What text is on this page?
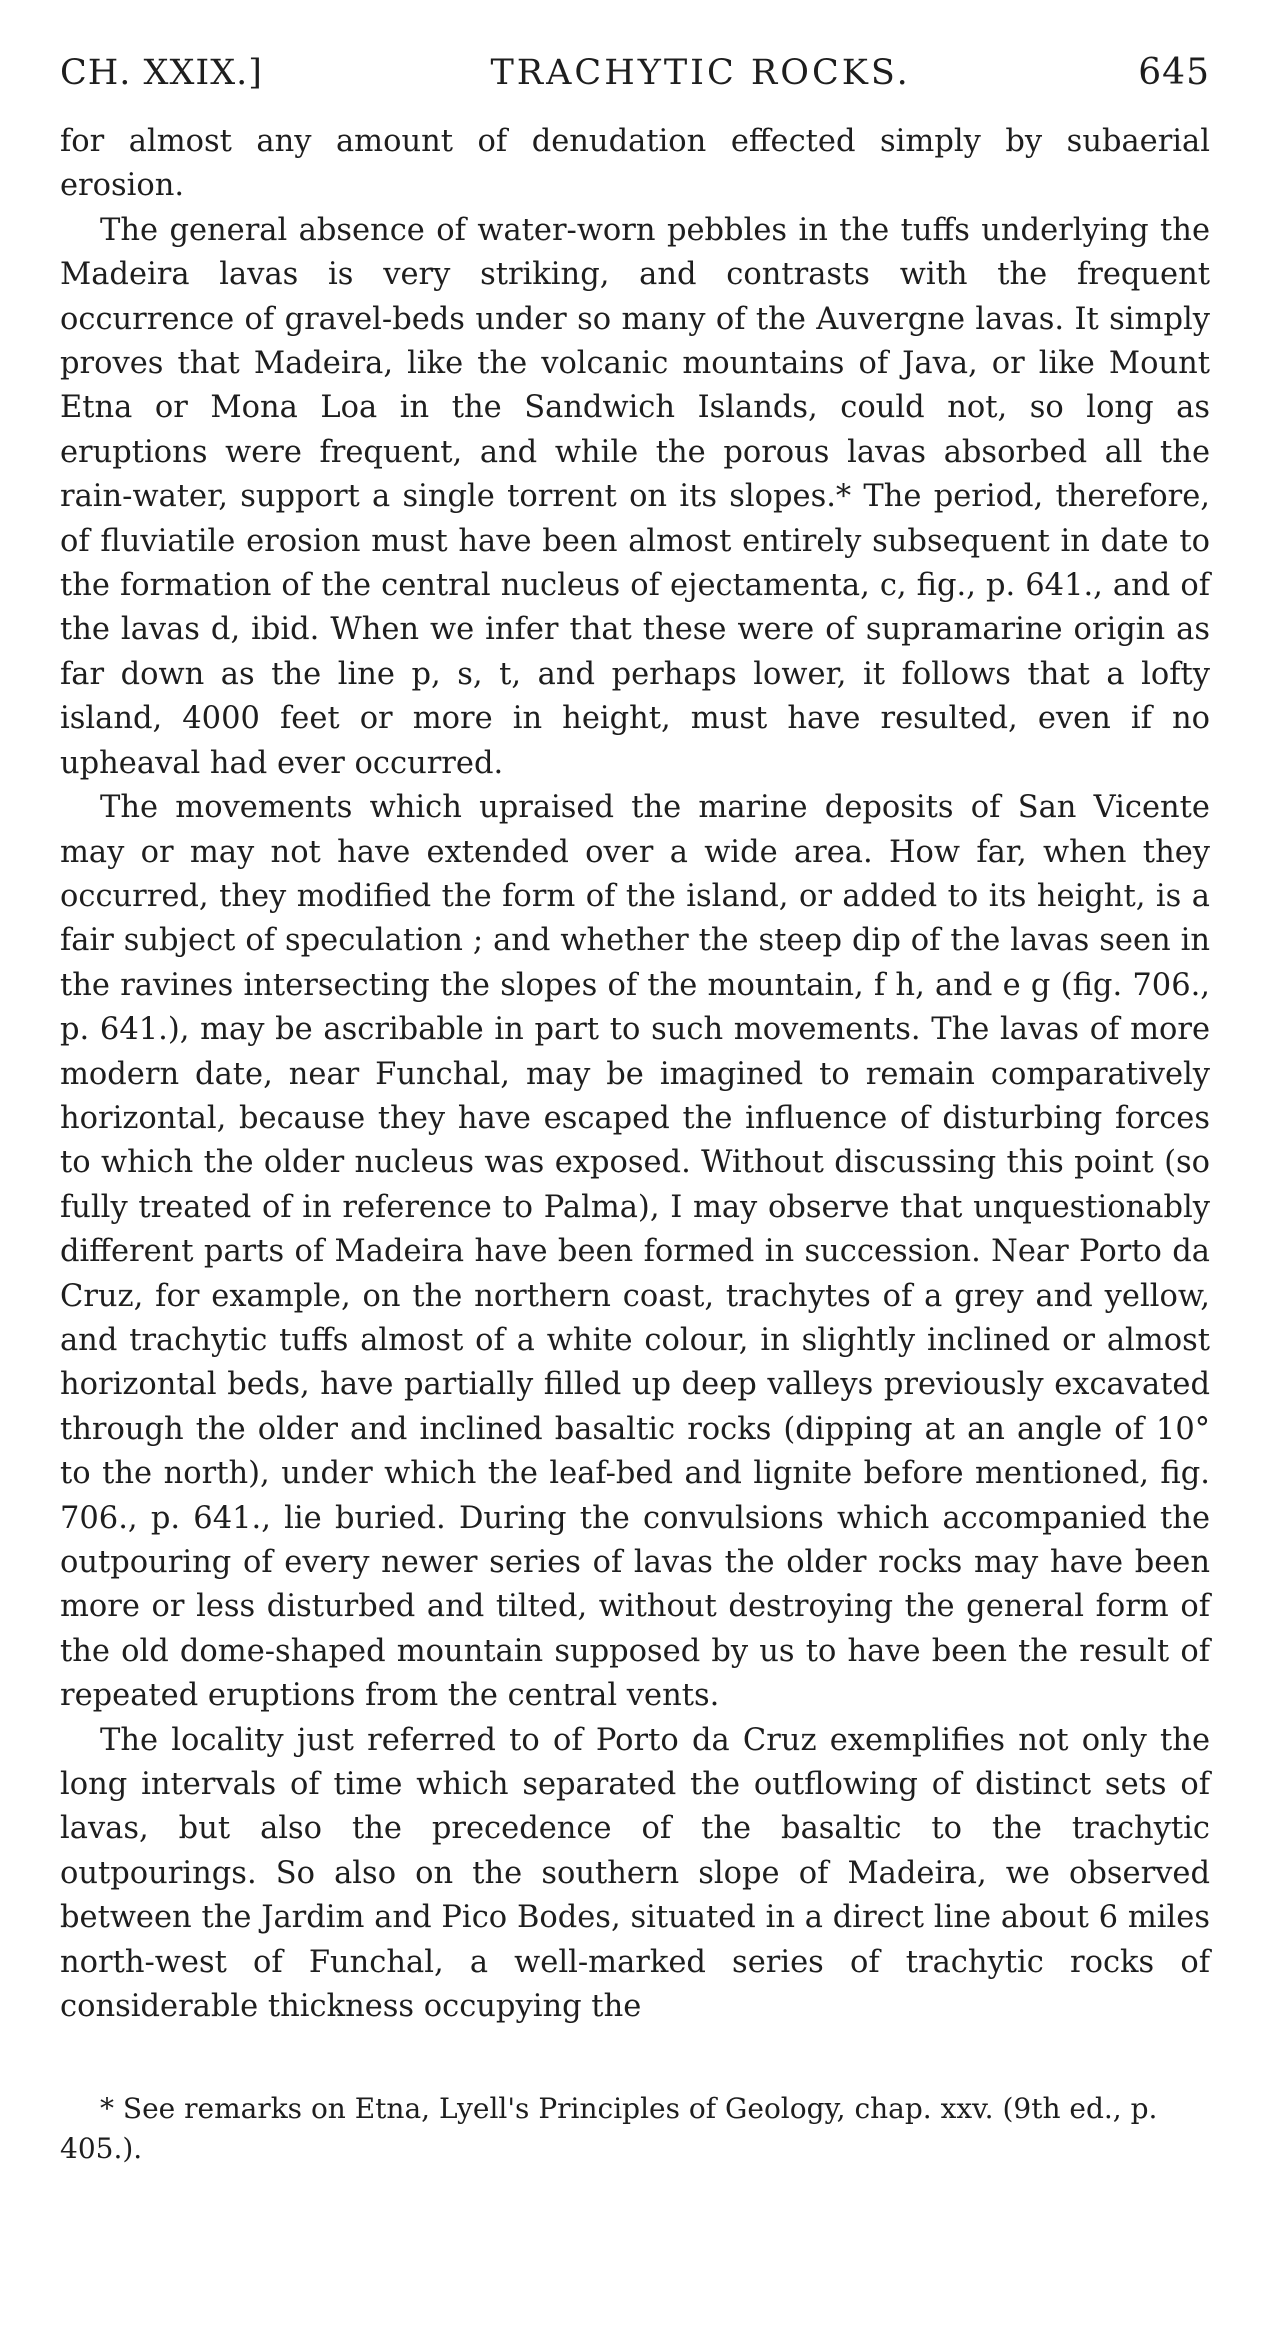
CH. XXIX.]	TRACHYTIC ROCKS.	645

for almost any amount of denudation effected simply by subaerial erosion.

The general absence of water-worn pebbles in the tuffs underlying the Madeira lavas is very striking, and contrasts with the frequent occurrence of gravel-beds under so many of the Auvergne lavas. It simply proves that Madeira, like the volcanic mountains of Java, or like Mount Etna or Mona Loa in the Sandwich Islands, could not, so long as eruptions were frequent, and while the porous lavas absorbed all the rain-water, support a single torrent on its slopes.* The period, therefore, of fluviatile erosion must have been almost entirely subsequent in date to the formation of the central nucleus of ejectamenta, c, fig., p. 641., and of the lavas d, ibid. When we infer that these were of supramarine origin as far down as the line p, s, t, and perhaps lower, it follows that a lofty island, 4000 feet or more in height, must have resulted, even if no upheaval had ever occurred.

The movements which upraised the marine deposits of San Vicente may or may not have extended over a wide area. How far, when they occurred, they modified the form of the island, or added to its height, is a fair subject of speculation ; and whether the steep dip of the lavas seen in the ravines intersecting the slopes of the mountain, f h, and e g (fig. 706., p. 641.), may be ascribable in part to such movements. The lavas of more modern date, near Funchal, may be imagined to remain comparatively horizontal, because they have escaped the influence of disturbing forces to which the older nucleus was exposed. Without discussing this point (so fully treated of in reference to Palma), I may observe that unquestionably different parts of Madeira have been formed in succession. Near Porto da Cruz, for example, on the northern coast, trachytes of a grey and yellow, and trachytic tuffs almost of a white colour, in slightly inclined or almost horizontal beds, have partially filled up deep valleys previously excavated through the older and inclined basaltic rocks (dipping at an angle of 10° to the north), under which the leaf-bed and lignite before mentioned, fig. 706., p. 641., lie buried. During the convulsions which accompanied the outpouring of every newer series of lavas the older rocks may have been more or less disturbed and tilted, without destroying the general form of the old dome-shaped mountain supposed by us to have been the result of repeated eruptions from the central vents.

The locality just referred to of Porto da Cruz exemplifies not only the long intervals of time which separated the outflowing of distinct sets of lavas, but also the precedence of the basaltic to the trachytic outpourings. So also on the southern slope of Madeira, we observed between the Jardim and Pico Bodes, situated in a direct line about 6 miles north-west of Funchal, a well-marked series of trachytic rocks of considerable thickness occupying the

* See remarks on Etna, Lyell's Principles of Geology, chap. xxv. (9th ed., p. 405.).
